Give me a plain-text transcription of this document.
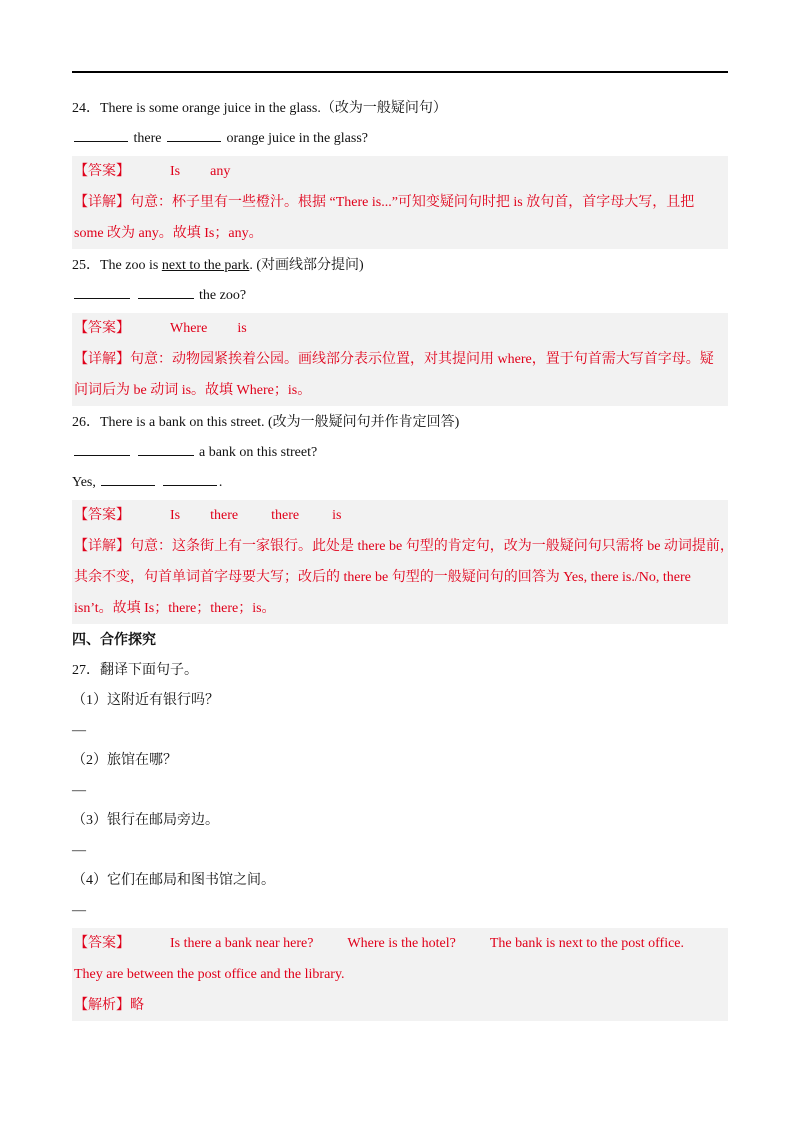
24．There is some orange juice in the glass.（改为一般疑问句）
there	orange juice in the glass?
【答案】	Is any
【详解】句意：杯子里有一些橙汁。根据 “There is...”可知变疑问句时把 is 放句首，首字母大写，且把
some 改为 any。故填 Is；any。
25．The zoo is next to the park. (对画线部分提问)
the zoo?
【答案】	Where is
【详解】句意：动物园紧挨着公园。画线部分表示位置，对其提问用 where，置于句首需大写首字母。疑
问词后为 be 动词 is。故填 Where；is。
26．There is a bank on this street. (改为一般疑问句并作肯定回答)
a bank on this street?
Yes,	.
【答案】	Is there there is
【详解】句意：这条街上有一家银行。此处是 there be 句型的肯定句，改为一般疑问句只需将 be 动词提前，
其余不变，句首单词首字母要大写；改后的 there be 句型的一般疑问句的回答为 Yes, there is./No, there
isn’t。故填 Is；there；there；is。
四、合作探究
27．翻译下面句子。
（1）这附近有银行吗？
—
（2）旅馆在哪？
—
（3）银行在邮局旁边。
—
（4）它们在邮局和图书馆之间。
—
【答案】	Is there a bank near here? Where is the hotel? The bank is next to the post office.
They are between the post office and the library.
【解析】略
